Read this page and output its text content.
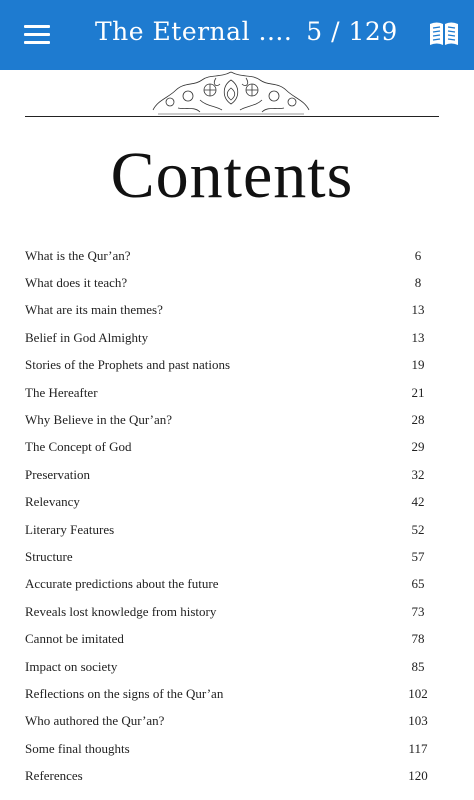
The Eternal .... 5 / 129
Contents
What is the Qur’an?	6
What does it teach?	8
What are its main themes?	13
Belief in God Almighty	13
Stories of the Prophets and past nations	19
The Hereafter	21
Why Believe in the Qur’an?	28
The Concept of God	29
Preservation	32
Relevancy	42
Literary Features	52
Structure	57
Accurate predictions about the future	65
Reveals lost knowledge from history	73
Cannot be imitated	78
Impact on society	85
Reflections on the signs of the Qur’an	102
Who authored the Qur’an?	103
Some final thoughts	117
References	120
